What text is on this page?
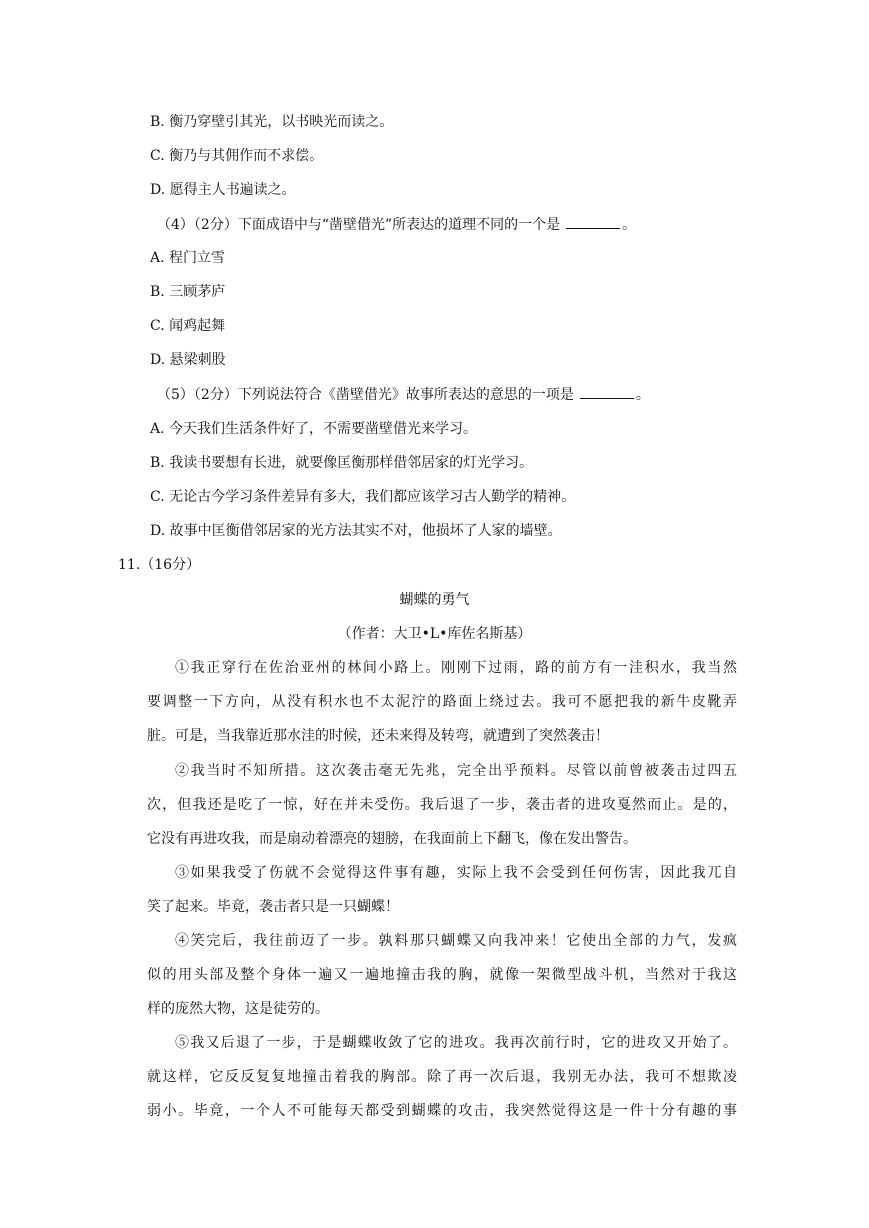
B. 衡乃穿壁引其光，以书映光而读之。
C. 衡乃与其佣作而不求偿。
D. 愿得主人书遍读之。
（4）（2分）下面成语中与“凿壁借光”所表达的道理不同的一个是	。
A. 程门立雪
B. 三顾茅庐
C. 闻鸡起舞
D. 悬梁刺股
（5）（2分）下列说法符合《凿壁借光》故事所表达的意思的一项是	。
A. 今天我们生活条件好了，不需要凿壁借光来学习。
B. 我读书要想有长进，就要像匡衡那样借邻居家的灯光学习。
C. 无论古今学习条件差异有多大，我们都应该学习古人勤学的精神。
D. 故事中匡衡借邻居家的光方法其实不对，他损坏了人家的墙壁。
11.（16分）
蝴蝶的勇气
（作者：大卫•L•库佐名斯基）
①我正穿行在佐治亚州的林间小路上。刚刚下过雨，路的前方有一洼积水，我当然
要调整一下方向，从没有积水也不太泥泞的路面上绕过去。我可不愿把我的新牛皮靴弄
脏。可是，当我靠近那水洼的时候，还未来得及转弯，就遭到了突然袭击！
②我当时不知所措。这次袭击毫无先兆，完全出乎预料。尽管以前曾被袭击过四五
次，但我还是吃了一惊，好在并未受伤。我后退了一步，袭击者的进攻戛然而止。是的，
它没有再进攻我，而是扇动着漂亮的翅膀，在我面前上下翻飞，像在发出警告。
③如果我受了伤就不会觉得这件事有趣，实际上我不会受到任何伤害，因此我兀自
笑了起来。毕竟，袭击者只是一只蝴蝶！
④笑完后，我往前迈了一步。孰料那只蝴蝶又向我冲来！它使出全部的力气，发疯
似的用头部及整个身体一遍又一遍地撞击我的胸，就像一架微型战斗机，当然对于我这
样的庞然大物，这是徒劳的。
⑤我又后退了一步，于是蝴蝶收敛了它的进攻。我再次前行时，它的进攻又开始了。
就这样，它反反复复地撞击着我的胸部。除了再一次后退，我别无办法，我可不想欺凌
弱小。毕竟，一个人不可能每天都受到蝴蝶的攻击，我突然觉得这是一件十分有趣的事
